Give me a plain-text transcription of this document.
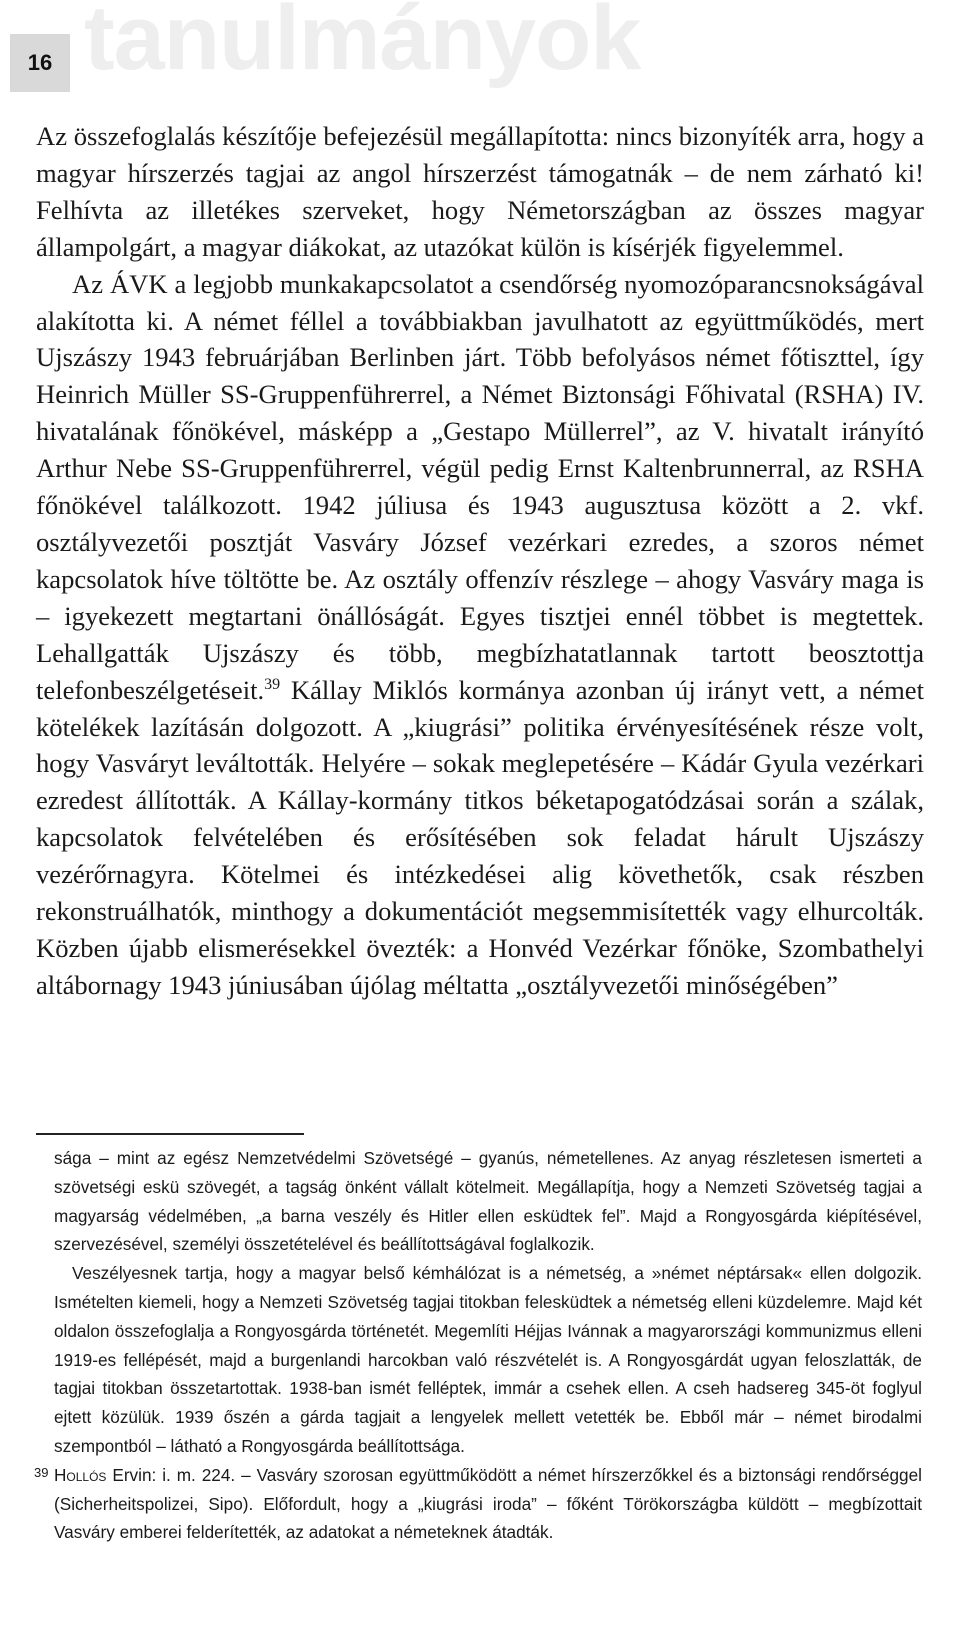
16 tanulmányok

Az összefoglalás készítője befejezésül megállapította: nincs bizonyíték arra, hogy a magyar hírszerzés tagjai az angol hírszerzést támogatnák – de nem zárható ki! Felhívta az illetékes szerveket, hogy Németországban az összes magyar állampolgárt, a magyar diákokat, az utazókat külön is kísérjék figyelemmel.

Az ÁVK a legjobb munkakapcsolatot a csendőrség nyomozóparancsnokságával alakította ki. A német féllel a továbbiakban javulhatott az együttműködés, mert Ujszászy 1943 februárjában Berlinben járt. Több befolyásos német főtiszttel, így Heinrich Müller SS-Gruppenführerrel, a Német Biztonsági Főhivatal (RSHA) IV. hivatalának főnökével, másképp a „Gestapo Müllerrel”, az V. hivatalt irányító Arthur Nebe SS-Gruppenführerrel, végül pedig Ernst Kaltenbrunnerral, az RSHA főnökével találkozott. 1942 júliusa és 1943 augusztusa között a 2. vkf. osztályvezetői posztját Vasváry József vezérkari ezredes, a szoros német kapcsolatok híve töltötte be. Az osztály offenzív részlege – ahogy Vasváry maga is – igyekezett megtartani önállóságát. Egyes tisztjei ennél többet is megtettek. Lehallgatták Ujszászy és több, megbízhatatlannak tartott beosztottja telefonbeszélgetéseit.$^{39}$ Kállay Miklós kormánya azonban új irányt vett, a német kötelékek lazításán dolgozott. A „kiugrási” politika érvényesítésének része volt, hogy Vasváryt leváltották. Helyére – sokak meglepetésére – Kádár Gyula vezérkari ezredest állították. A Kállay-kormány titkos béketapogatódzásai során a szálak, kapcsolatok felvételében és erősítésében sok feladat hárult Ujszászy vezérőrnagyra. Kötelmei és intézkedései alig követhetők, csak részben rekonstruálhatók, minthogy a dokumentációt megsemmisítették vagy elhurcolták. Közben újabb elismerésekkel övezték: a Honvéd Vezérkar főnöke, Szombathelyi altábornagy 1943 júniusában újólag méltatta „osztályvezetői minőségében”

sága – mint az egész Nemzetvédelmi Szövetségé – gyanús, németellenes. Az anyag részletesen ismerteti a szövetségi eskü szövegét, a tagság önként vállalt kötelmeit. Megállapítja, hogy a Nemzeti Szövetség tagjai a magyarság védelmében, „a barna veszély és Hitler ellen esküdtek fel”. Majd a Rongyosgárda kiépítésével, szervezésével, személyi összetételével és beállítottságával foglalkozik.

Veszélyesnek tartja, hogy a magyar belső kémhálózat is a németség, a »német néptársak« ellen dolgozik. Ismételten kiemeli, hogy a Nemzeti Szövetség tagjai titokban felesküdtek a németség elleni küzdelemre. Majd két oldalon összefoglalja a Rongyosgárda történetét. Megemlíti Héjjas Ivánnak a magyarországi kommunizmus elleni 1919-es fellépését, majd a burgenlandi harcokban való részvételét is. A Rongyosgárdát ugyan feloszlatták, de tagjai titokban összetartottak. 1938-ban ismét felléptek, immár a csehek ellen. A cseh hadsereg 345-öt foglyul ejtett közülük. 1939 őszén a gárda tagjait a lengyelek mellett vetették be. Ebből már – német birodalmi szempontból – látható a Rongyosgárda beállítottsága.

39 Hollós Ervin: i. m. 224. – Vasváry szorosan együttműködött a német hírszerzőkkel és a biztonsági rendőrséggel (Sicherheitspolizei, Sipo). Előfordult, hogy a „kiugrási iroda” – főként Törökországba küldött – megbízottait Vasváry emberei felderítették, az adatokat a németeknek átadták.
